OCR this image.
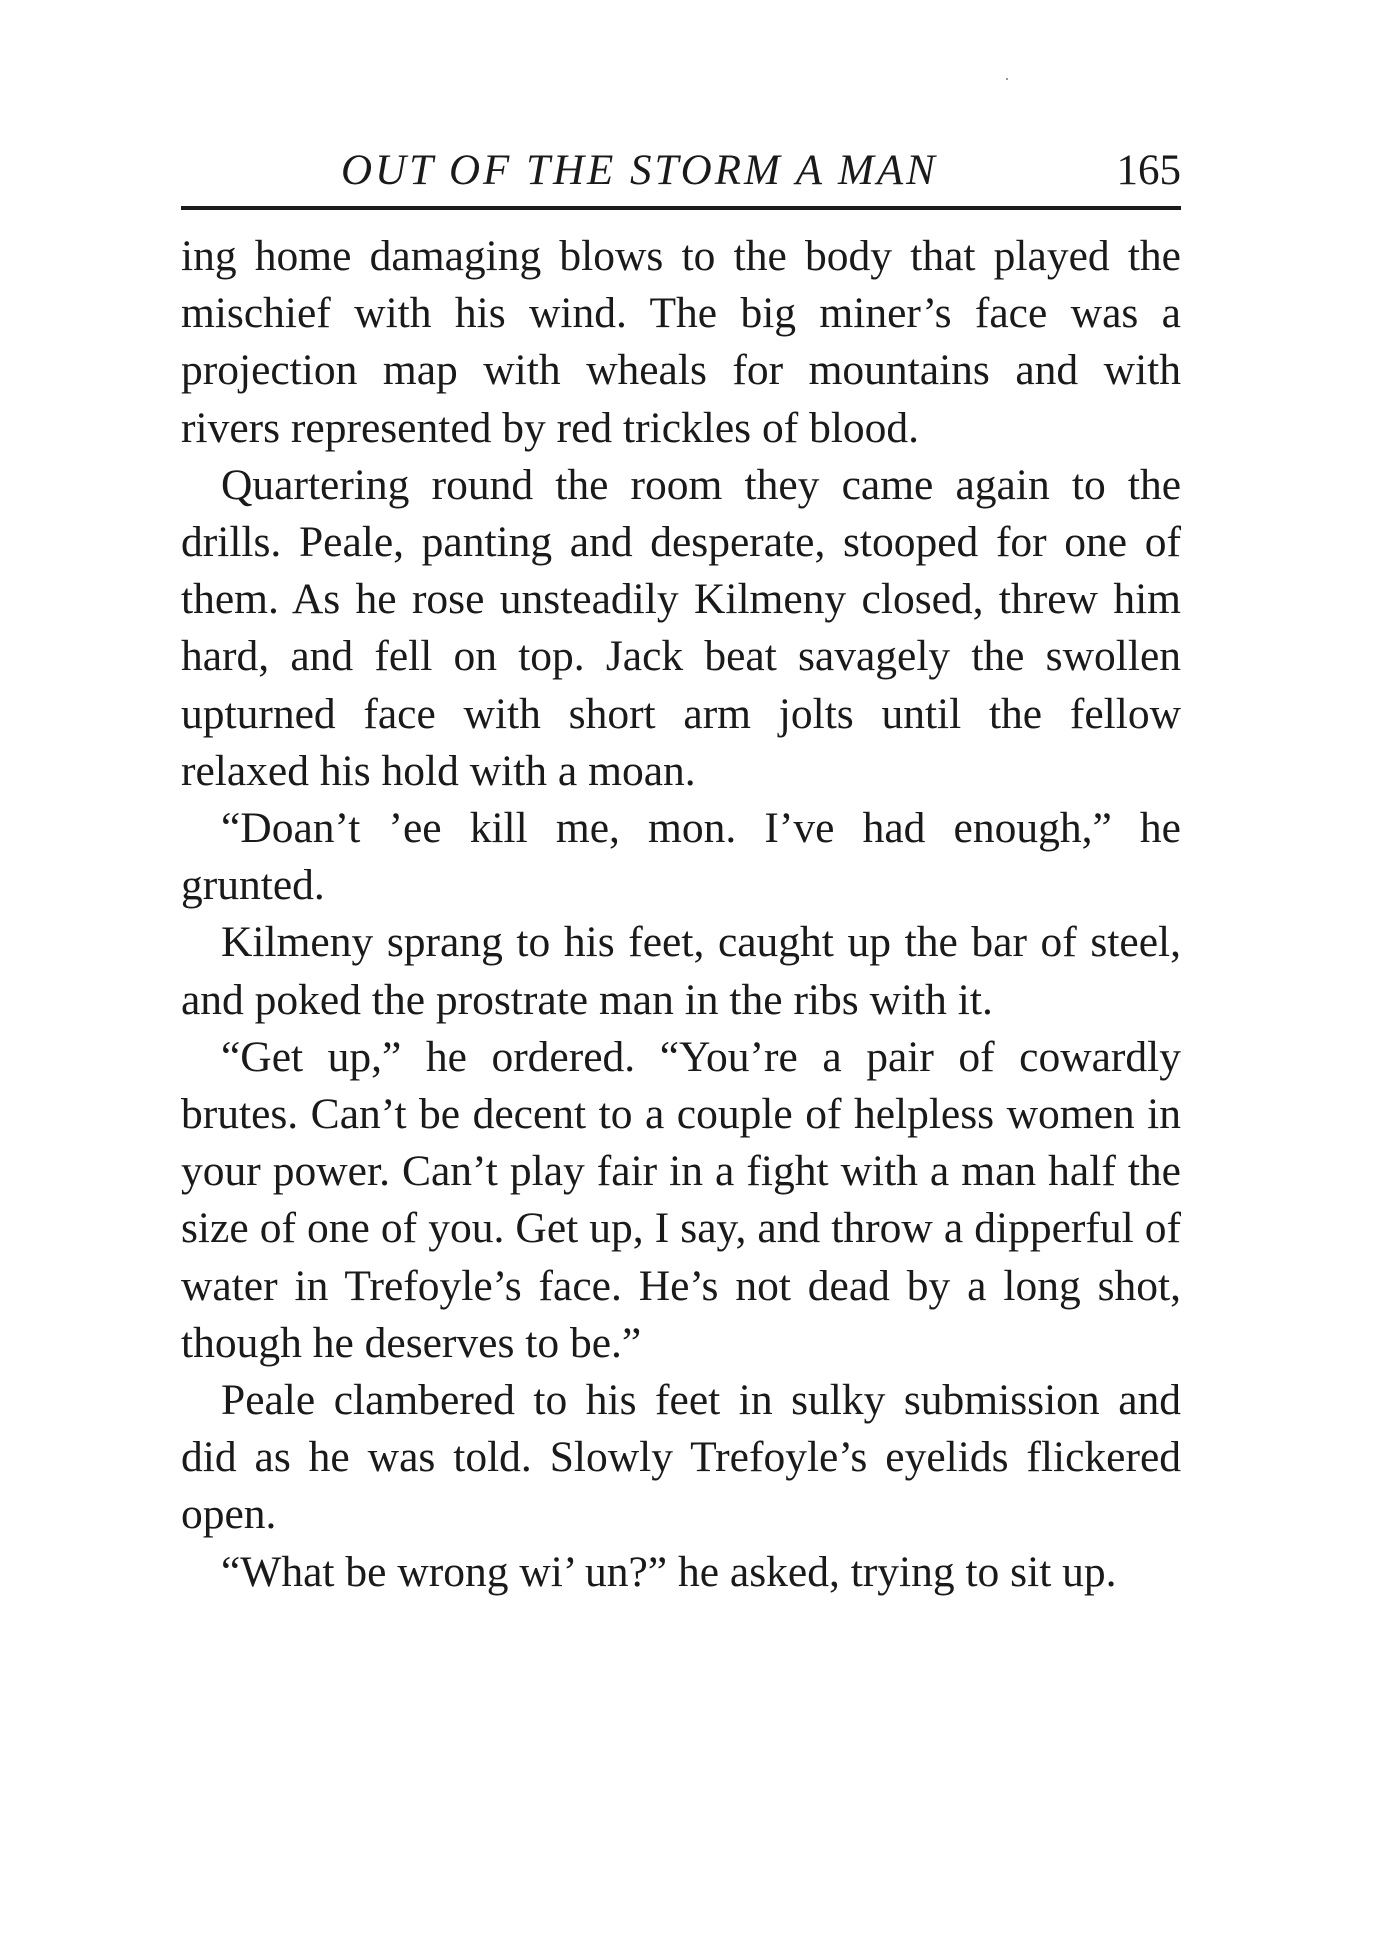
OUT OF THE STORM A MAN	165

ing home damaging blows to the body that played the mischief with his wind. The big miner’s face was a projection map with wheals for mountains and with rivers represented by red trickles of blood.

Quartering round the room they came again to the drills. Peale, panting and desperate, stooped for one of them. As he rose unsteadily Kilmeny closed, threw him hard, and fell on top. Jack beat savagely the swollen upturned face with short arm jolts until the fellow relaxed his hold with a moan.

“Doan’t ’ee kill me, mon. I’ve had enough,” he grunted.

Kilmeny sprang to his feet, caught up the bar of steel, and poked the prostrate man in the ribs with it.

“Get up,” he ordered. “You’re a pair of cowardly brutes. Can’t be decent to a couple of helpless women in your power. Can’t play fair in a fight with a man half the size of one of you. Get up, I say, and throw a dipperful of water in Trefoyle’s face. He’s not dead by a long shot, though he deserves to be.”

Peale clambered to his feet in sulky submission and did as he was told. Slowly Trefoyle’s eyelids flickered open.

“What be wrong wi’ un?” he asked, trying to sit up.
